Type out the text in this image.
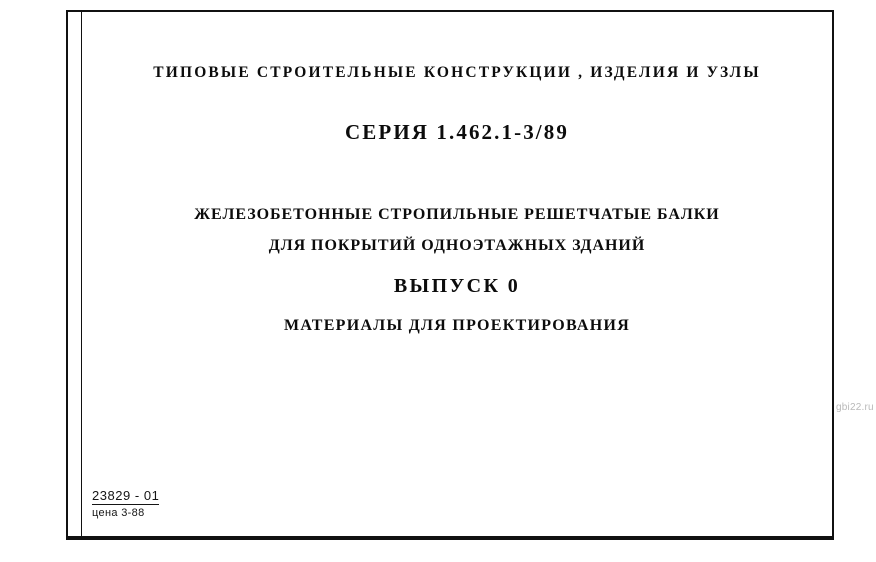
ТИПОВЫЕ СТРОИТЕЛЬНЫЕ КОНСТРУКЦИИ , ИЗДЕЛИЯ И УЗЛЫ
СЕРИЯ 1.462.1-3/89
ЖЕЛЕЗОБЕТОННЫЕ СТРОПИЛЬНЫЕ РЕШЕТЧАТЫЕ БАЛКИ
ДЛЯ ПОКРЫТИЙ ОДНОЭТАЖНЫХ ЗДАНИЙ
ВЫПУСК 0
МАТЕРИАЛЫ ДЛЯ ПРОЕКТИРОВАНИЯ
23829 - 01
цена 3-88
gbi22.ru
